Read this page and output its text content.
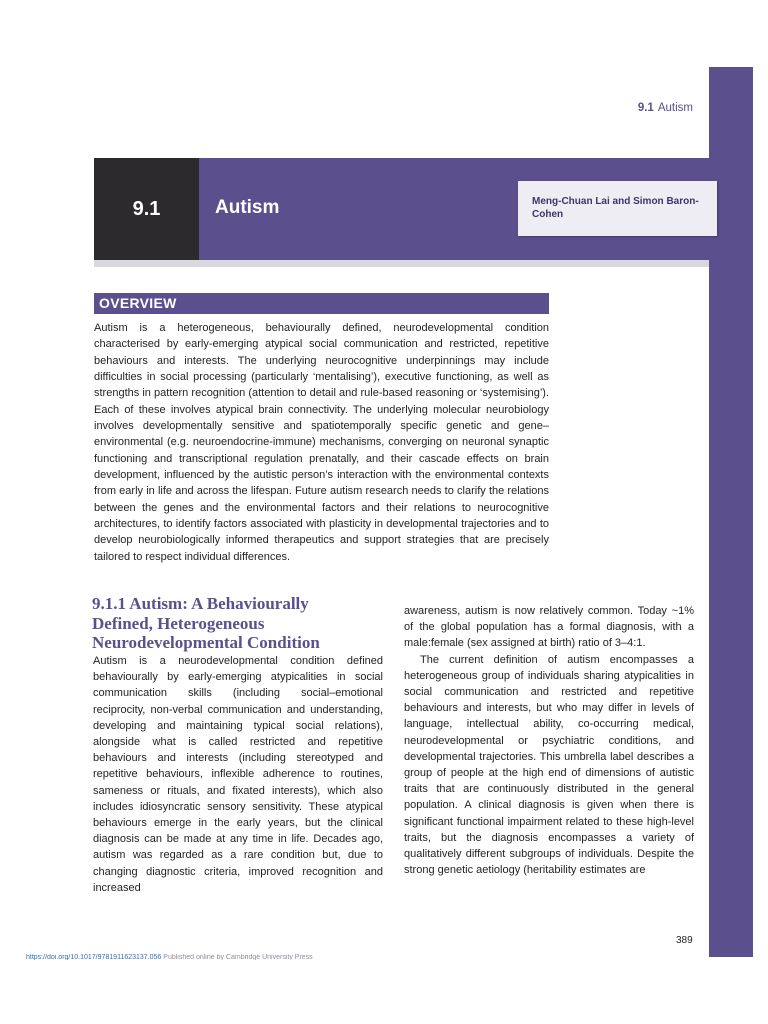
9.1 Autism
9.1	Autism	Meng-Chuan Lai and Simon Baron-Cohen
OVERVIEW
Autism is a heterogeneous, behaviourally defined, neurodevelopmental condition characterised by early-emerging atypical social communication and restricted, repetitive behaviours and interests. The underlying neurocognitive underpinnings may include difficulties in social processing (particularly ‘mentalising’), executive functioning, as well as strengths in pattern recognition (attention to detail and rule-based reasoning or ‘systemising’). Each of these involves atypical brain connectivity. The underlying molecular neurobiology involves developmentally sensitive and spatiotemporally specific genetic and gene–environmental (e.g. neuroendocrine-immune) mechanisms, converging on neuronal synaptic functioning and transcriptional regulation prenatally, and their cascade effects on brain development, influenced by the autistic person’s interaction with the environmental contexts from early in life and across the lifespan. Future autism research needs to clarify the relations between the genes and the environmental factors and their relations to neurocognitive architectures, to identify factors associated with plasticity in developmental trajectories and to develop neurobiologically informed therapeutics and support strategies that are precisely tailored to respect individual differences.
9.1.1 Autism: A Behaviourally Defined, Heterogeneous Neurodevelopmental Condition
Autism is a neurodevelopmental condition defined behaviourally by early-emerging atypicalities in social communication skills (including social–emotional reciprocity, non-verbal communication and understanding, developing and maintaining typical social relations), alongside what is called restricted and repetitive behaviours and interests (including stereotyped and repetitive behaviours, inflexible adherence to routines, sameness or rituals, and fixated interests), which also includes idiosyncratic sensory sensitivity. These atypical behaviours emerge in the early years, but the clinical diagnosis can be made at any time in life. Decades ago, autism was regarded as a rare condition but, due to changing diagnostic criteria, improved recognition and increased

awareness, autism is now relatively common. Today ~1% of the global population has a formal diagnosis, with a male:female (sex assigned at birth) ratio of 3–4:1.

The current definition of autism encompasses a heterogeneous group of individuals sharing atypicalities in social communication and restricted and repetitive behaviours and interests, but who may differ in levels of language, intellectual ability, co-occurring medical, neurodevelopmental or psychiatric conditions, and developmental trajectories. This umbrella label describes a group of people at the high end of dimensions of autistic traits that are continuously distributed in the general population. A clinical diagnosis is given when there is significant functional impairment related to these high-level traits, but the diagnosis encompasses a variety of qualitatively different subgroups of individuals. Despite the strong genetic aetiology (heritability estimates are

389
https://doi.org/10.1017/9781911623137.056 Published online by Cambridge University Press
